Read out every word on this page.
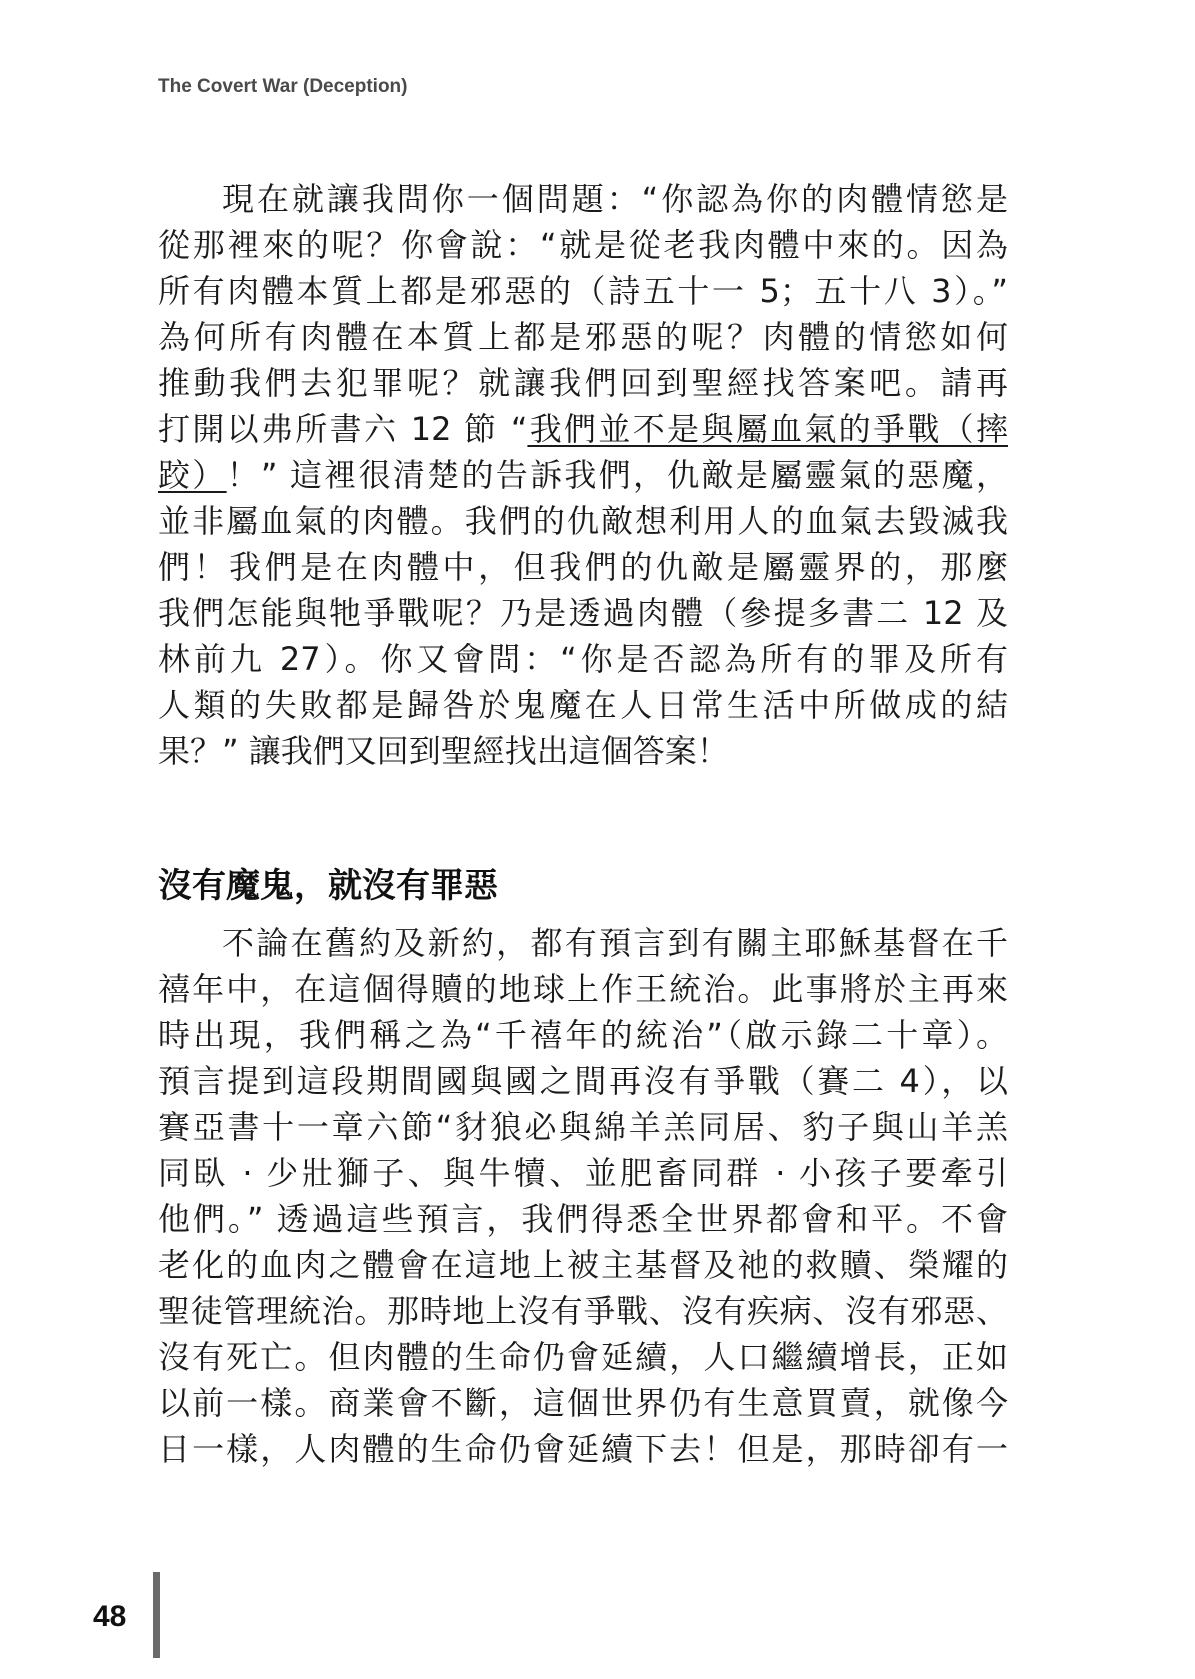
The Covert War (Deception)
現在就讓我問你一個問題：“你認為你的肉體情慾是
從那裡來的呢？你會說：“就是從老我肉體中來的。因為
所有肉體本質上都是邪惡的（詩五十一 5；五十八 3）。”
為何所有肉體在本質上都是邪惡的呢？肉體的情慾如何
推動我們去犯罪呢？就讓我們回到聖經找答案吧。請再
打開以弗所書六 12 節 “我們並不是與屬血氣的爭戰（摔
跤）！” 這裡很清楚的告訴我們，仇敵是屬靈氣的惡魔，
並非屬血氣的肉體。我們的仇敵想利用人的血氣去毀滅我
們！我們是在肉體中，但我們的仇敵是屬靈界的，那麼
我們怎能與牠爭戰呢？乃是透過肉體（參提多書二 12 及
林前九 27）。你又會問：“你是否認為所有的罪及所有
人類的失敗都是歸咎於鬼魔在人日常生活中所做成的結
果？” 讓我們又回到聖經找出這個答案！
沒有魔鬼，就沒有罪惡
不論在舊約及新約，都有預言到有關主耶穌基督在千
禧年中，在這個得贖的地球上作王統治。此事將於主再來
時出現，我們稱之為“千禧年的統治”（啟示錄二十章）。
預言提到這段期間國與國之間再沒有爭戰（賽二 4），以
賽亞書十一章六節“豺狼必與綿羊羔同居、豹子與山羊羔
同臥 · 少壯獅子、與牛犢、並肥畜同群 · 小孩子要牽引
他們。” 透過這些預言，我們得悉全世界都會和平。不會
老化的血肉之體會在這地上被主基督及祂的救贖、榮耀的
聖徒管理統治。那時地上沒有爭戰、沒有疾病、沒有邪惡、
沒有死亡。但肉體的生命仍會延續，人口繼續增長，正如
以前一樣。商業會不斷，這個世界仍有生意買賣，就像今
日一樣，人肉體的生命仍會延續下去！但是，那時卻有一
48
